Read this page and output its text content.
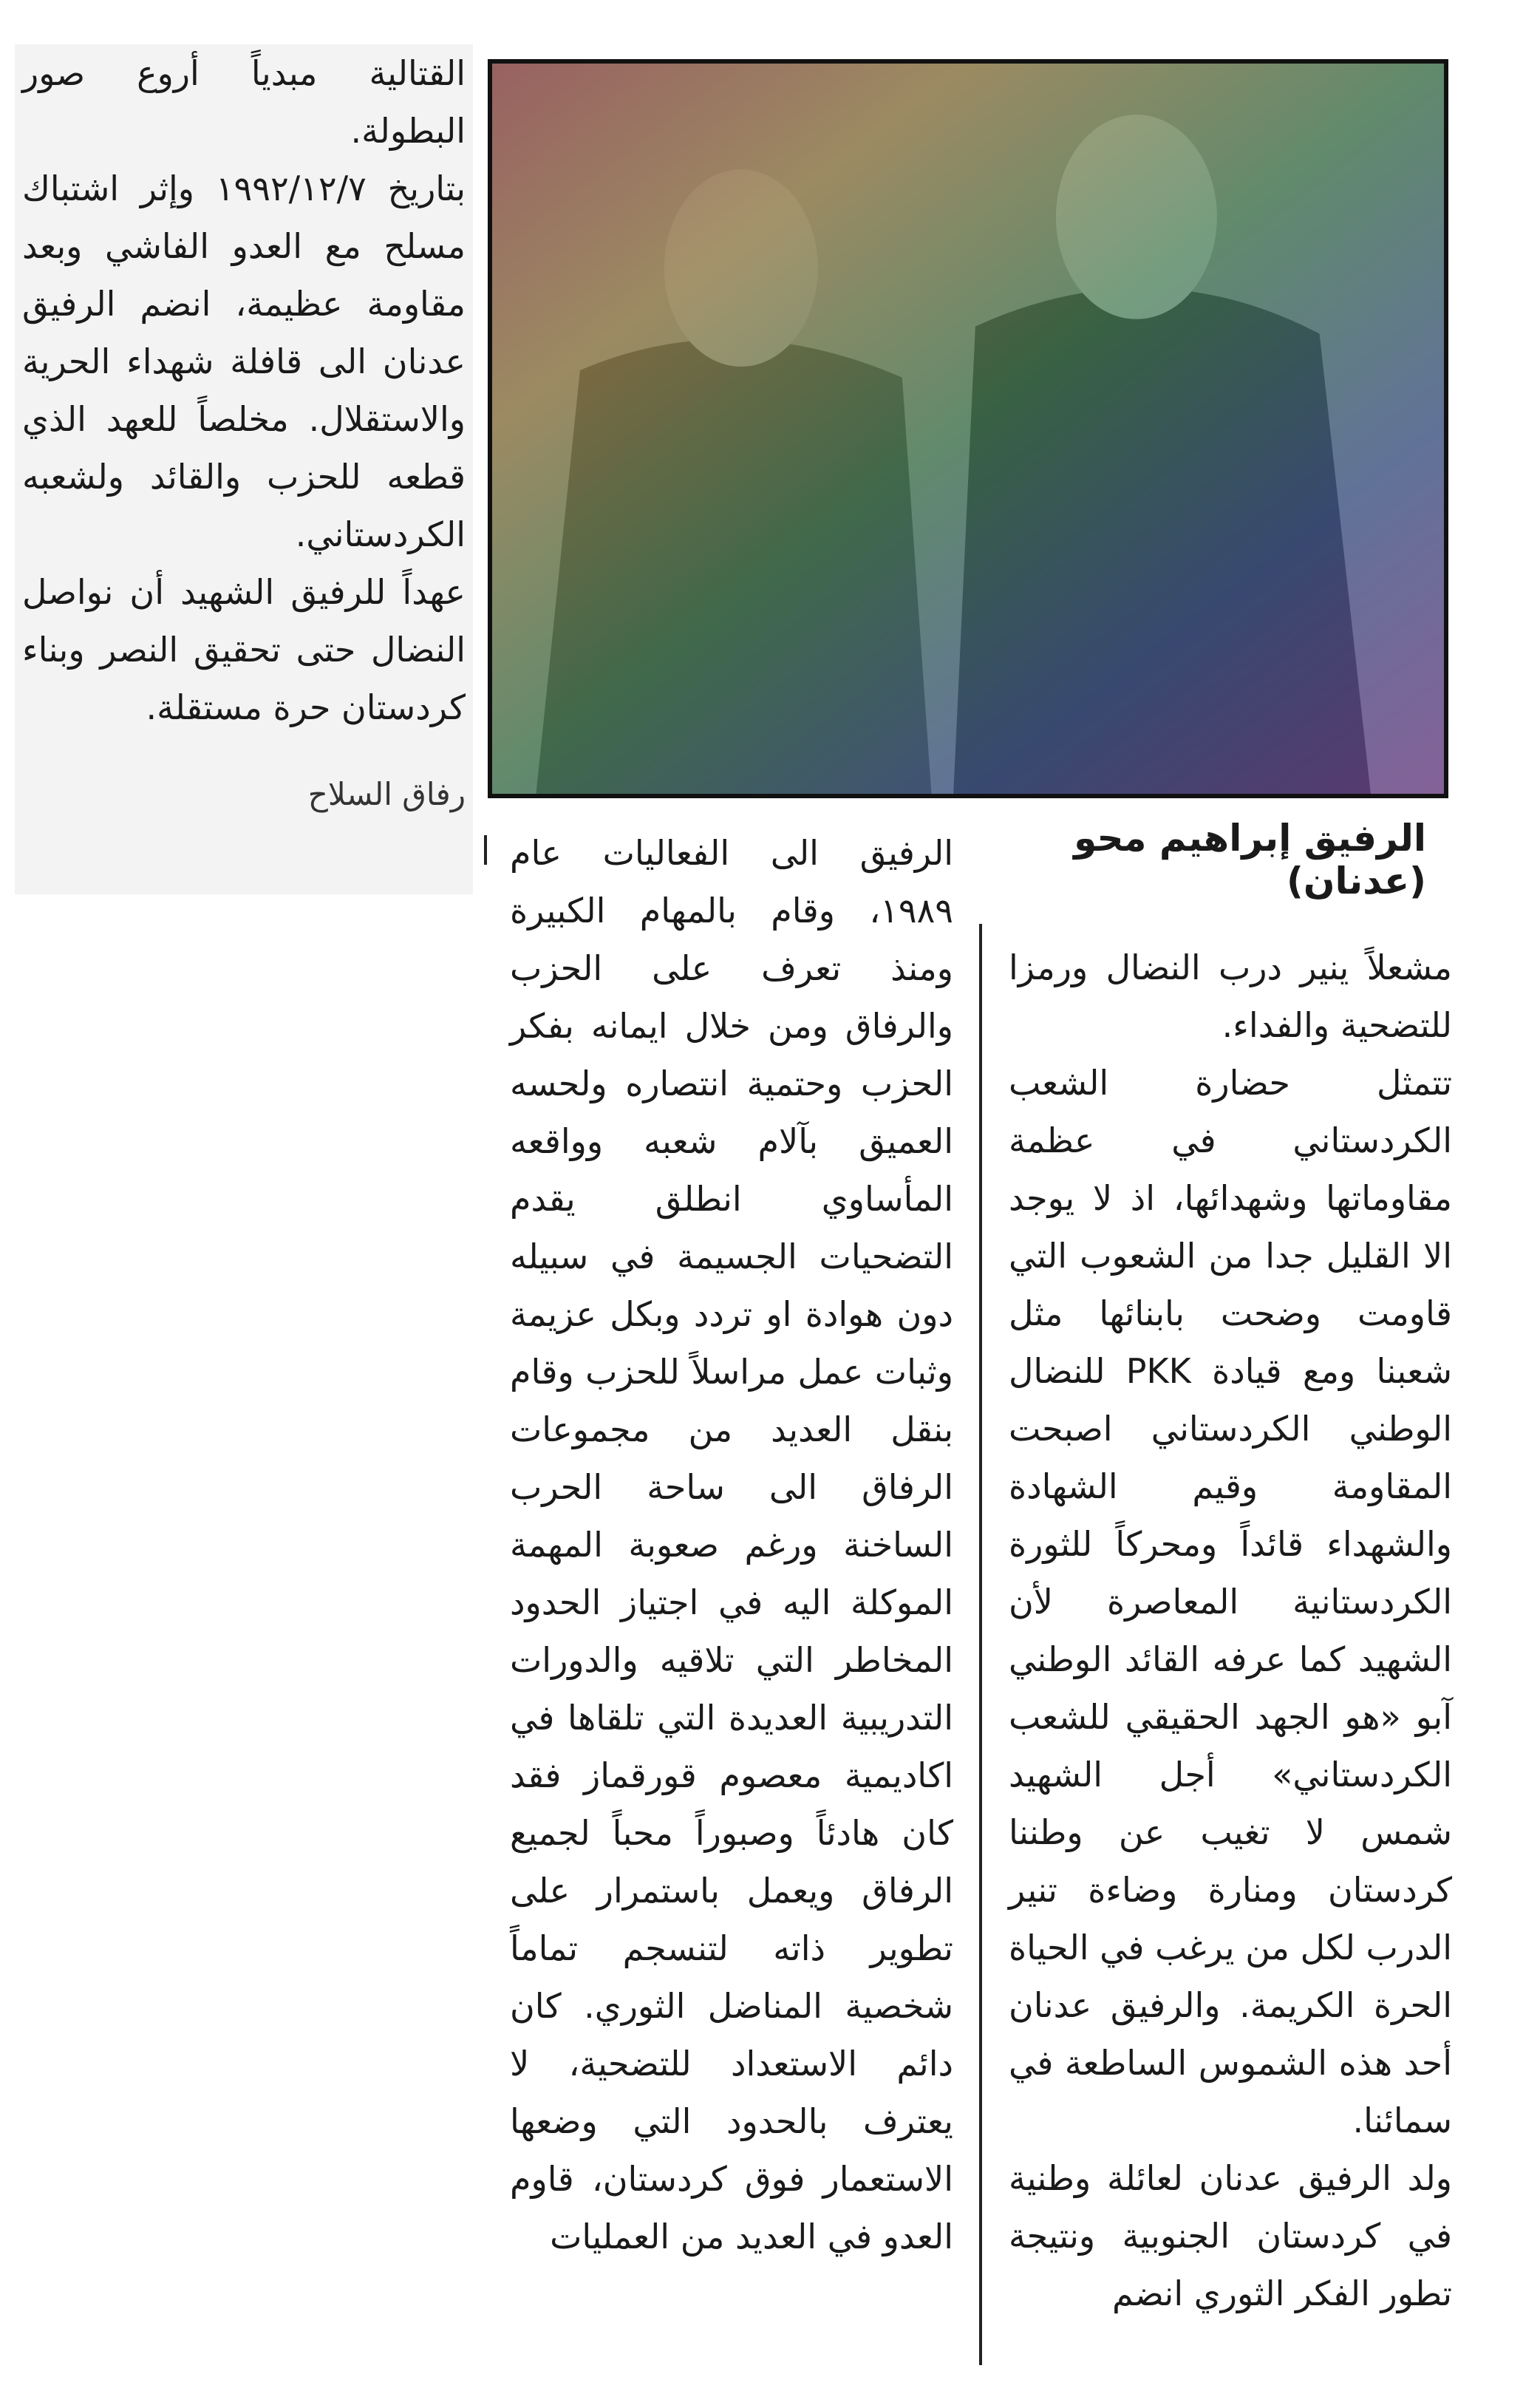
القتالية مبدياً أروع صور البطولة.

بتاريخ ١٩٩٢/١٢/٧ وإثر اشتباك مسلح مع العدو الفاشي وبعد مقاومة عظيمة، انضم الرفيق عدنان الى قافلة شهداء الحرية والاستقلال. مخلصاً للعهد الذي قطعه للحزب والقائد ولشعبه الكردستاني.

عهداً للرفيق الشهيد أن نواصل النضال حتى تحقيق النصر وبناء كردستان حرة مستقلة.

رفاق السلاح

الرفيق إبراهيم محو (عدنان)

الرفيق الى الفعاليات عام ١٩٨٩، وقام بالمهام الكبيرة ومنذ تعرف على الحزب والرفاق ومن خلال ايمانه بفكر الحزب وحتمية انتصاره ولحسه العميق بآلام شعبه وواقعه المأساوي انطلق يقدم التضحيات الجسيمة في سبيله دون هوادة او تردد وبكل عزيمة وثبات عمل مراسلاً للحزب وقام بنقل العديد من مجموعات الرفاق الى ساحة الحرب الساخنة ورغم صعوبة المهمة الموكلة اليه في اجتياز الحدود المخاطر التي تلاقيه والدورات التدريبية العديدة التي تلقاها في اكاديمية معصوم قورقماز فقد كان هادئاً وصبوراً محباً لجميع الرفاق ويعمل باستمرار على تطوير ذاته لتنسجم تماماً شخصية المناضل الثوري. كان دائم الاستعداد للتضحية، لا يعترف بالحدود التي وضعها الاستعمار فوق كردستان، قاوم العدو في العديد من العمليات

مشعلاً ينير درب النضال ورمزا للتضحية والفداء.

تتمثل حضارة الشعب الكردستاني في عظمة مقاوماتها وشهدائها، اذ لا يوجد الا القليل جدا من الشعوب التي قاومت وضحت بابنائها مثل شعبنا ومع قيادة PKK للنضال الوطني الكردستاني اصبحت المقاومة وقيم الشهادة والشهداء قائداً ومحركاً للثورة الكردستانية المعاصرة لأن الشهيد كما عرفه القائد الوطني آبو «هو الجهد الحقيقي للشعب الكردستاني» أجل الشهيد شمس لا تغيب عن وطننا كردستان ومنارة وضاءة تنير الدرب لكل من يرغب في الحياة الحرة الكريمة. والرفيق عدنان أحد هذه الشموس الساطعة في سمائنا.

ولد الرفيق عدنان لعائلة وطنية في كردستان الجنوبية ونتيجة تطور الفكر الثوري انضم
